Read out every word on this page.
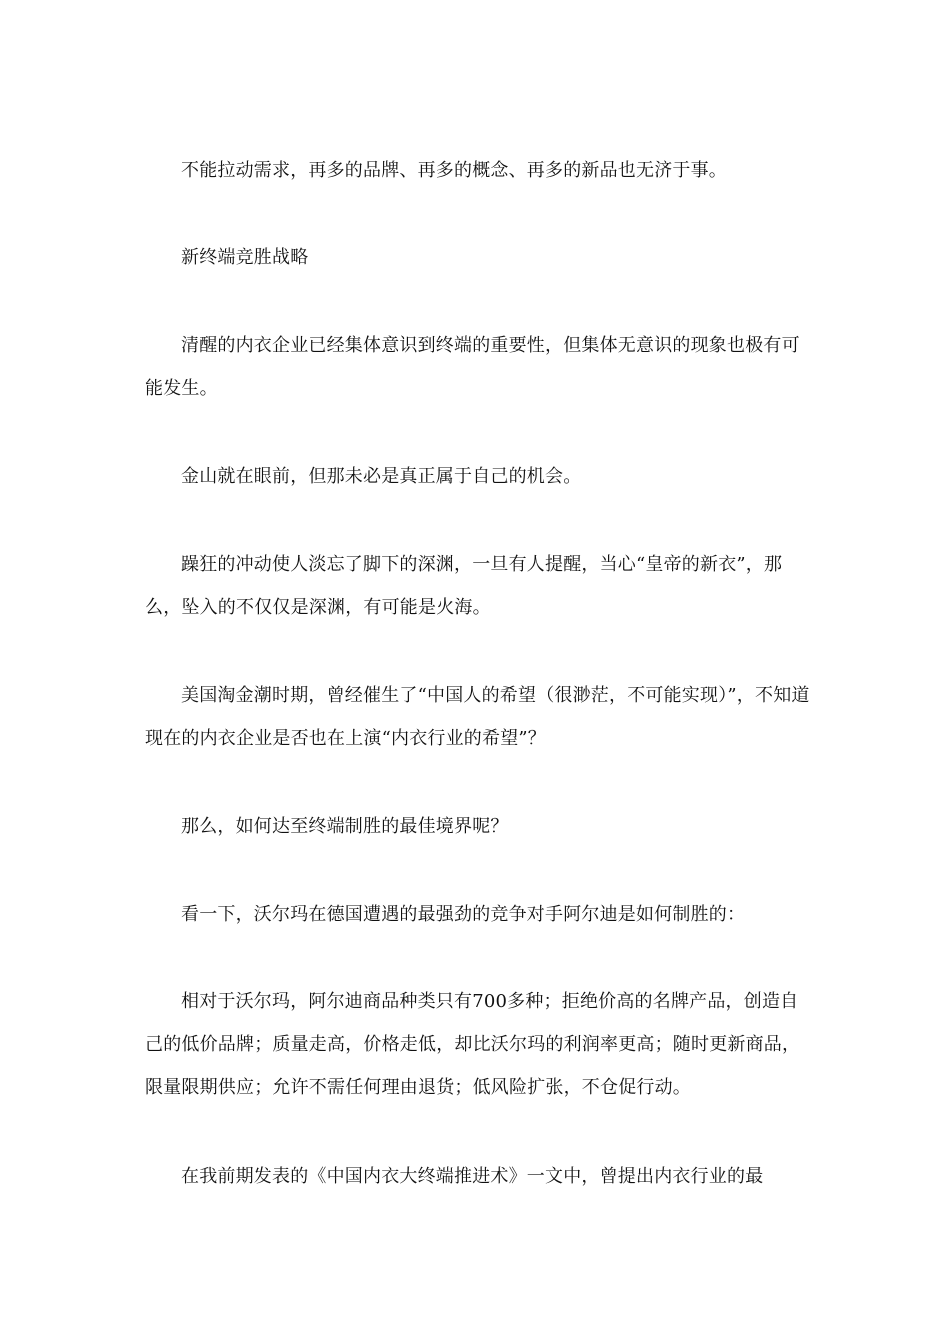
不能拉动需求，再多的品牌、再多的概念、再多的新品也无济于事。

新终端竞胜战略

清醒的内衣企业已经集体意识到终端的重要性，但集体无意识的现象也极有可能发生。

金山就在眼前，但那未必是真正属于自己的机会。

躁狂的冲动使人淡忘了脚下的深渊，一旦有人提醒，当心“皇帝的新衣”，那么，坠入的不仅仅是深渊，有可能是火海。

美国淘金潮时期，曾经催生了“中国人的希望（很渺茫，不可能实现）”，不知道现在的内衣企业是否也在上演“内衣行业的希望”？

那么，如何达至终端制胜的最佳境界呢？

看一下，沃尔玛在德国遭遇的最强劲的竞争对手阿尔迪是如何制胜的：

相对于沃尔玛，阿尔迪商品种类只有700多种；拒绝价高的名牌产品，创造自己的低价品牌；质量走高，价格走低，却比沃尔玛的利润率更高；随时更新商品，限量限期供应；允许不需任何理由退货；低风险扩张，不仓促行动。

在我前期发表的《中国内衣大终端推进术》一文中，曾提出内衣行业的最
